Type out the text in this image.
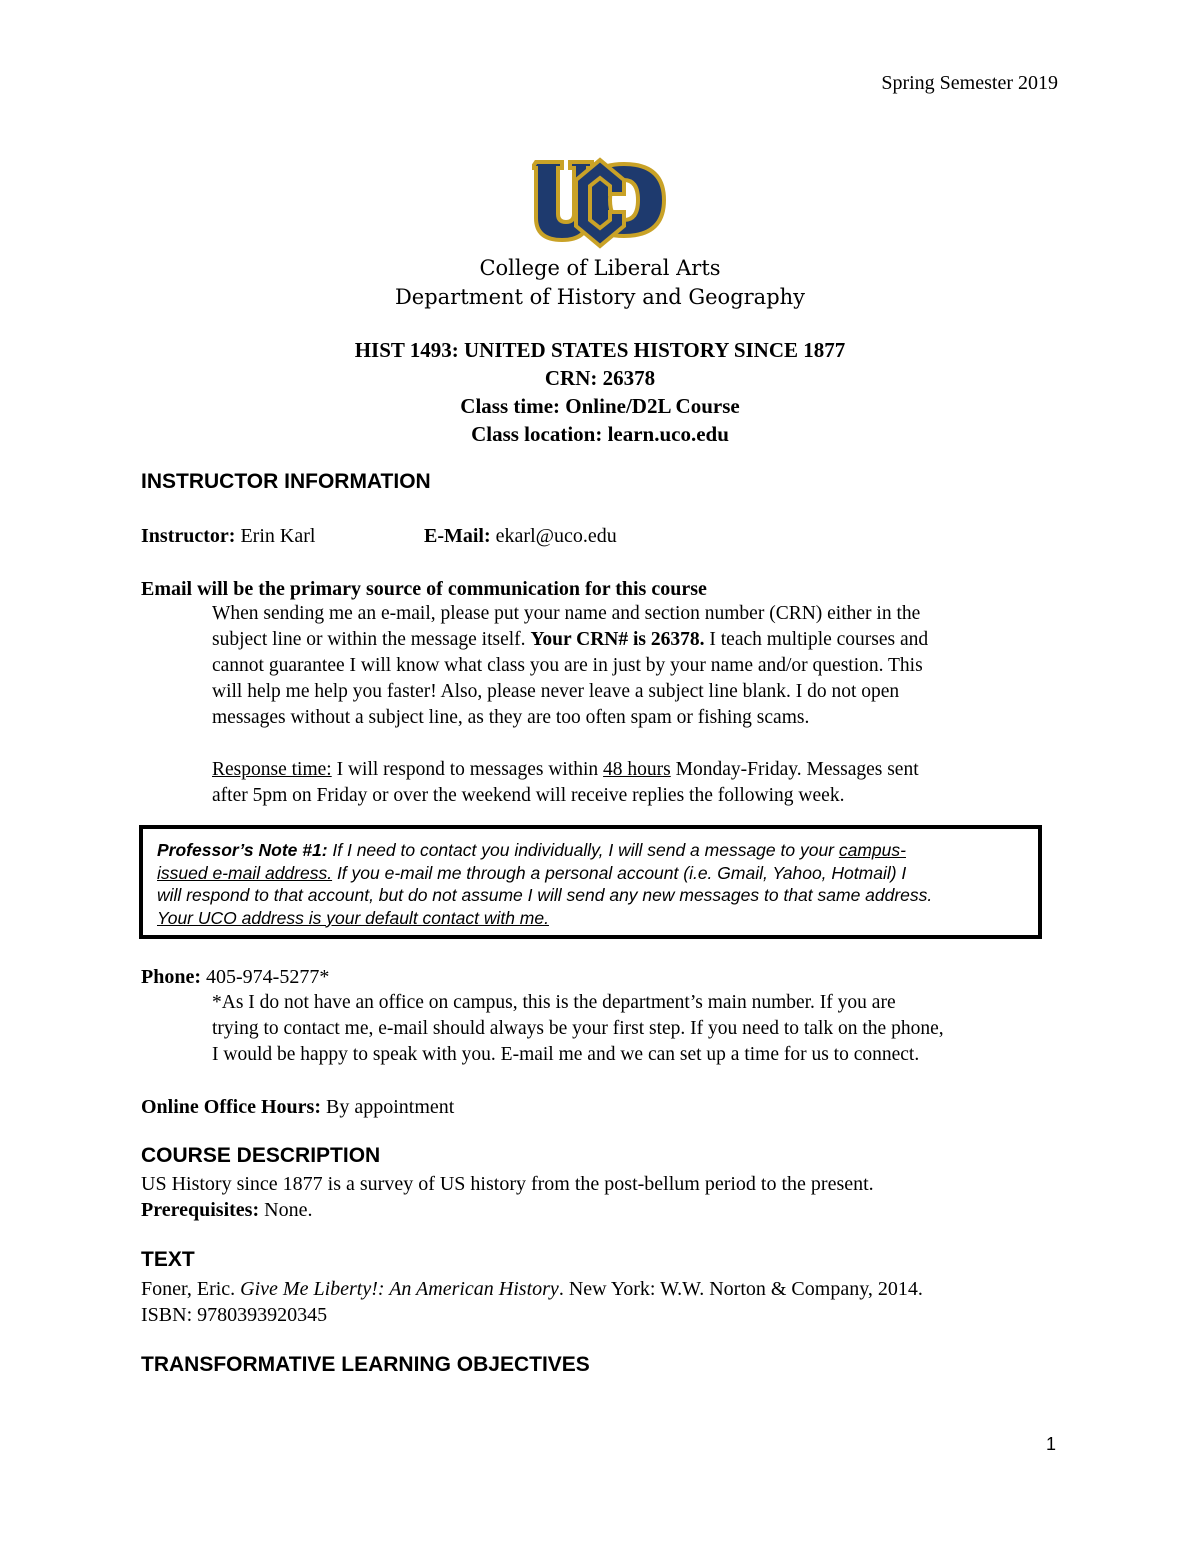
Spring Semester 2019
College of Liberal Arts
Department of History and Geography
HIST 1493: UNITED STATES HISTORY SINCE 1877
CRN: 26378
Class time: Online/D2L Course
Class location: learn.uco.edu
INSTRUCTOR INFORMATION
Instructor: Erin Karl	E-Mail: ekarl@uco.edu
Email will be the primary source of communication for this course
When sending me an e-mail, please put your name and section number (CRN) either in the
subject line or within the message itself. Your CRN# is 26378. I teach multiple courses and
cannot guarantee I will know what class you are in just by your name and/or question. This
will help me help you faster! Also, please never leave a subject line blank. I do not open
messages without a subject line, as they are too often spam or fishing scams.
Response time: I will respond to messages within 48 hours Monday-Friday. Messages sent
after 5pm on Friday or over the weekend will receive replies the following week.
Professor’s Note #1: If I need to contact you individually, I will send a message to your campus-
issued e-mail address. If you e-mail me through a personal account (i.e. Gmail, Yahoo, Hotmail) I
will respond to that account, but do not assume I will send any new messages to that same address.
Your UCO address is your default contact with me.
Phone: 405-974-5277*
*As I do not have an office on campus, this is the department’s main number. If you are
trying to contact me, e-mail should always be your first step. If you need to talk on the phone,
I would be happy to speak with you. E-mail me and we can set up a time for us to connect.
Online Office Hours: By appointment
COURSE DESCRIPTION
US History since 1877 is a survey of US history from the post-bellum period to the present.
Prerequisites: None.
TEXT
Foner, Eric. Give Me Liberty!: An American History. New York: W.W. Norton & Company, 2014.
ISBN: 9780393920345
TRANSFORMATIVE LEARNING OBJECTIVES
1
